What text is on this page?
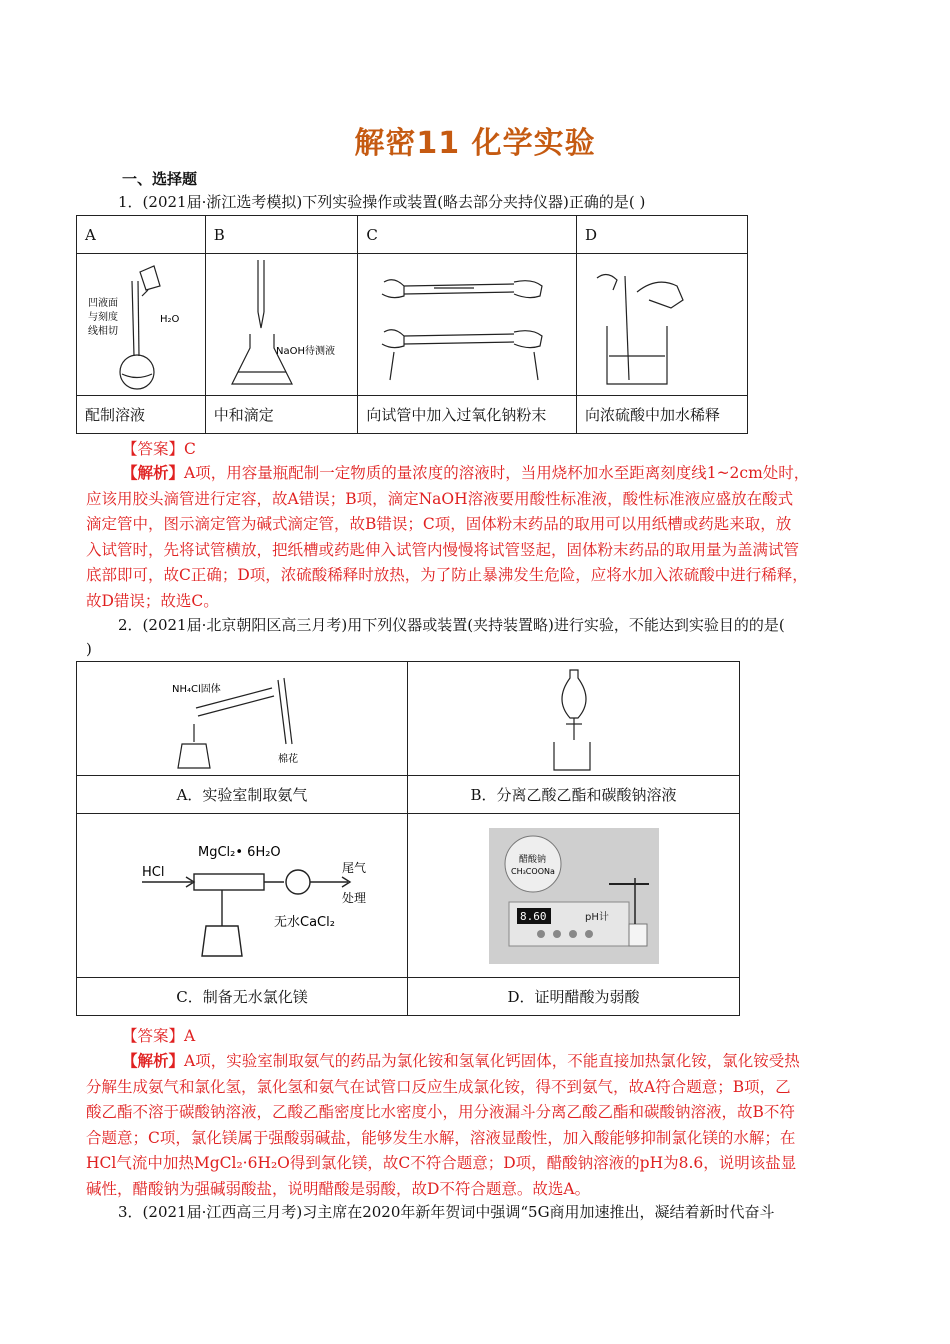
解密11 化学实验
一、选择题
1．(2021届·浙江选考模拟)下列实验操作或装置(略去部分夹持仪器)正确的是( )
A	B	C	D

凹液面
与刻度
线相切
H₂O	NaOH待测液

配制溶液	中和滴定	向试管中加入过氧化钠粉末	向浓硫酸中加水稀释
【答案】C
【解析】A项，用容量瓶配制一定物质的量浓度的溶液时，当用烧杯加水至距离刻度线1~2cm处时，
应该用胶头滴管进行定容，故A错误；B项，滴定NaOH溶液要用酸性标准液，酸性标准液应盛放在酸式
滴定管中，图示滴定管为碱式滴定管，故B错误；C项，固体粉末药品的取用可以用纸槽或药匙来取，放
入试管时，先将试管横放，把纸槽或药匙伸入试管内慢慢将试管竖起，固体粉末药品的取用量为盖满试管
底部即可，故C正确；D项，浓硫酸稀释时放热，为了防止暴沸发生危险，应将水加入浓硫酸中进行稀释，
故D错误；故选C。
2．(2021届·北京朝阳区高三月考)用下列仪器或装置(夹持装置略)进行实验，不能达到实验目的的是(
)
NH₄Cl固体
棉花

A．实验室制取氨气	B．分离乙酸乙酯和碳酸钠溶液

HCl
MgCl₂• 6H₂O
尾气
处理
无水CaCl₂	8.60 pH计
醋酸钠
CH₃COONa

C．制备无水氯化镁	D．证明醋酸为弱酸
【答案】A
【解析】A项，实验室制取氨气的药品为氯化铵和氢氧化钙固体，不能直接加热氯化铵，氯化铵受热
分解生成氨气和氯化氢，氯化氢和氨气在试管口反应生成氯化铵，得不到氨气，故A符合题意；B项，乙
酸乙酯不溶于碳酸钠溶液，乙酸乙酯密度比水密度小，用分液漏斗分离乙酸乙酯和碳酸钠溶液，故B不符
合题意；C项，氯化镁属于强酸弱碱盐，能够发生水解，溶液显酸性，加入酸能够抑制氯化镁的水解；在
HCl气流中加热MgCl₂·6H₂O得到氯化镁，故C不符合题意；D项，醋酸钠溶液的pH为8.6，说明该盐显
碱性，醋酸钠为强碱弱酸盐，说明醋酸是弱酸，故D不符合题意。故选A。
3．(2021届·江西高三月考)习主席在2020年新年贺词中强调“5G商用加速推出，凝结着新时代奋斗
